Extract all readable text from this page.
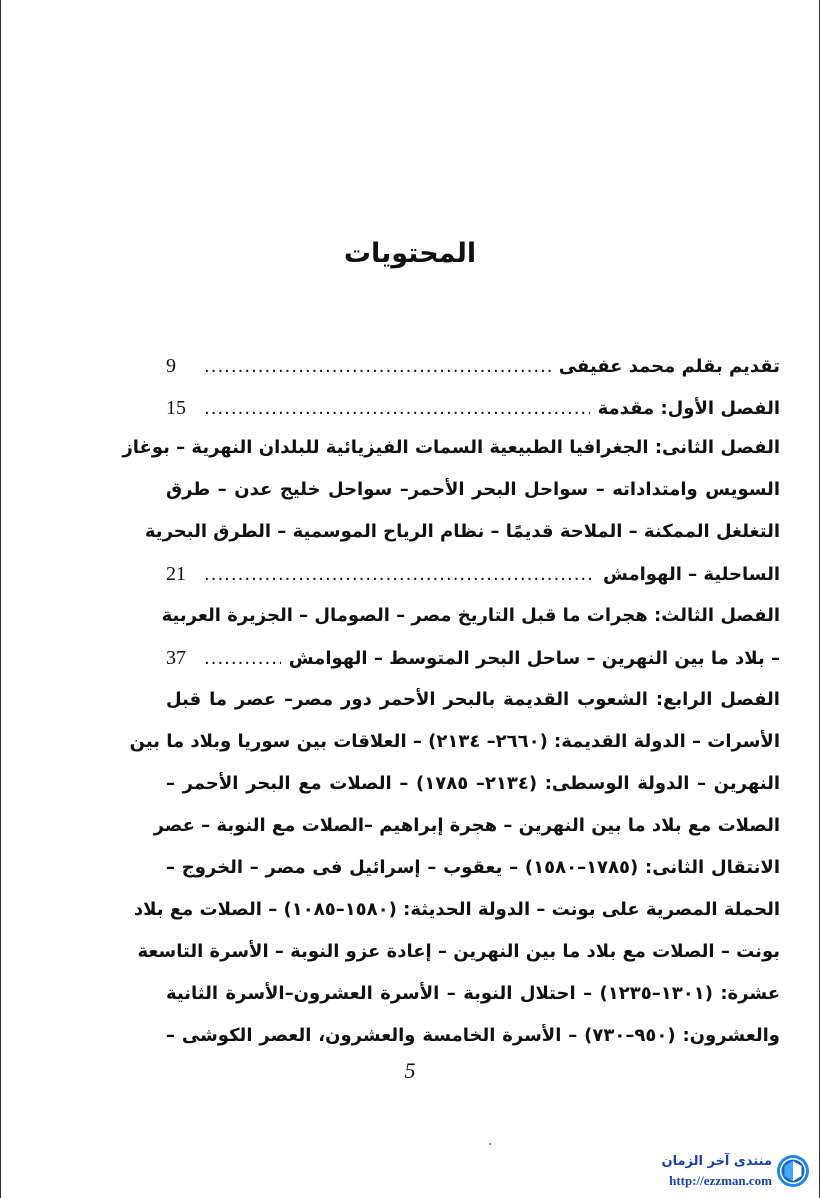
المحتويات
تقديم بقلم محمد عفيفى
.....
9
الفصل الأول:

مقدمة
.....
15
الفصل الثانى: الجغرافيا الطبيعية السمات الفيزيائية للبلدان النهرية – بوغاز
السويس وامتداداته – سواحل البحر الأحمر– سواحل خليج عدن – طرق
التغلغل الممكنة – الملاحة قديمًا – نظام الرياح الموسمية – الطرق البحرية
الساحلية – الهوامش
.....
21
الفصل الثالث: هجرات ما قبل التاريخ مصر – الصومال – الجزيرة العربية
– بلاد ما بين النهرين – ساحل البحر المتوسط – الهوامش
.....
37
الفصل الرابع: الشعوب القديمة بالبحر الأحمر دور مصر– عصر ما قبل
الأسرات – الدولة القديمة: (٢٦٦٠– ٢١٣٤) – العلاقات بين سوريا وبلاد ما بين
النهرين – الدولة الوسطى: (٢١٣٤– ١٧٨٥) – الصلات مع البحر الأحمر –
الصلات مع بلاد ما بين النهرين – هجرة إبراهيم –الصلات مع النوبة – عصر
الانتقال الثانى: (١٧٨٥–١٥٨٠) – يعقوب – إسرائيل فى مصر – الخروج –
الحملة المصرية على بونت – الدولة الحديثة: (١٥٨٠–١٠٨٥) – الصلات مع بلاد
بونت – الصلات مع بلاد ما بين النهرين – إعادة عزو النوبة – الأسرة التاسعة
عشرة: (١٣٠١–١٢٣٥) – احتلال النوبة – الأسرة العشرون–الأسرة الثانية
والعشرون: (٩٥٠–٧٣٠) – الأسرة الخامسة والعشرون، العصر الكوشى –
5
منتدى آخر الزمان
http://ezzman.com
